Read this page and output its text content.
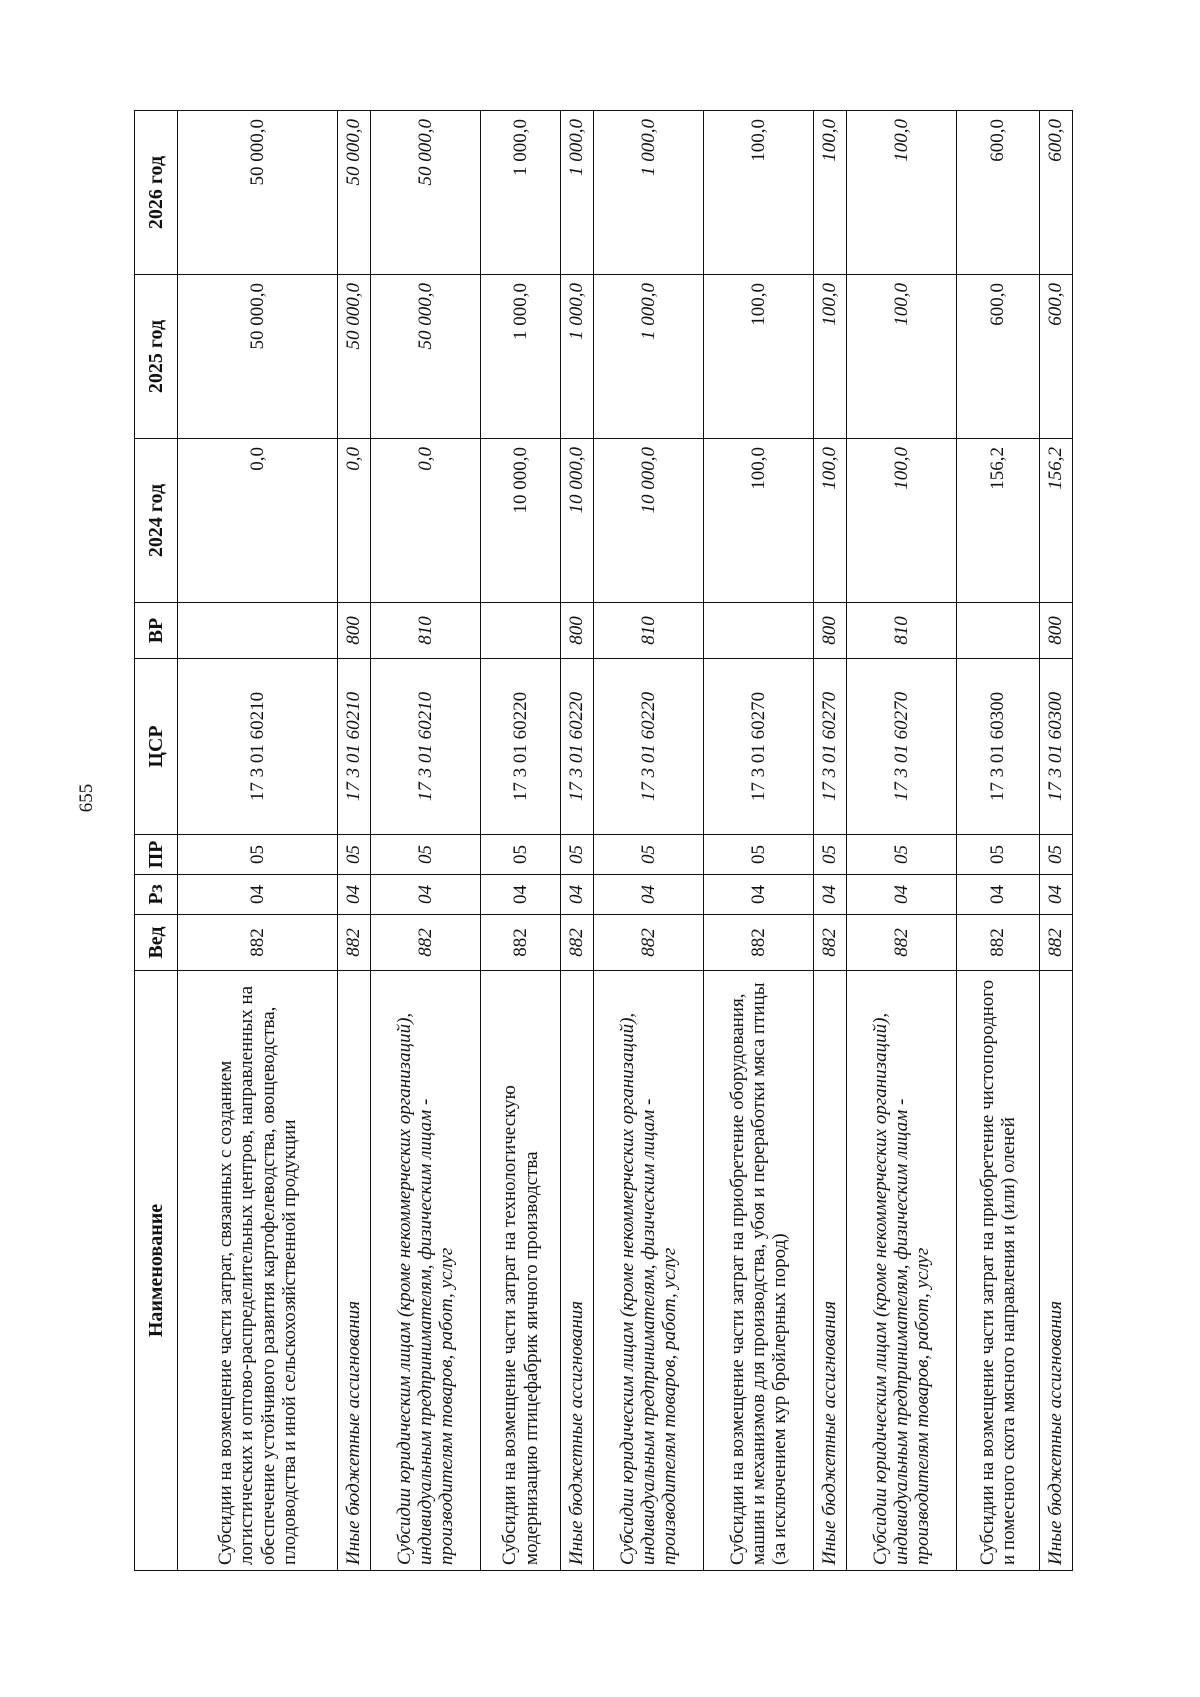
655
Наименование	Вед	Рз	ПР	ЦСР	ВР	2024 год	2025 год	2026 год
Субсидии на возмещение части затрат, связанных с созданием логистических и оптово-распределительных центров, направленных на обеспечение устойчивого развития картофелеводства, овощеводства, плодоводства и иной сельскохозяйственной продукции	882	04	05	17 3 01 60210		0,0	50 000,0	50 000,0
Иные бюджетные ассигнования	882	04	05	17 3 01 60210	800	0,0	50 000,0	50 000,0
Субсидии юридическим лицам (кроме некоммерческих организаций), индивидуальным предпринимателям, физическим лицам - производителям товаров, работ, услуг	882	04	05	17 3 01 60210	810	0,0	50 000,0	50 000,0
Субсидии на возмещение части затрат на технологическую модернизацию птицефабрик яичного производства	882	04	05	17 3 01 60220		10 000,0	1 000,0	1 000,0
Иные бюджетные ассигнования	882	04	05	17 3 01 60220	800	10 000,0	1 000,0	1 000,0
Субсидии юридическим лицам (кроме некоммерческих организаций), индивидуальным предпринимателям, физическим лицам - производителям товаров, работ, услуг	882	04	05	17 3 01 60220	810	10 000,0	1 000,0	1 000,0
Субсидии на возмещение части затрат на приобретение оборудования, машин и механизмов для производства, убоя и переработки мяса птицы (за исключением кур бройлерных пород)	882	04	05	17 3 01 60270		100,0	100,0	100,0
Иные бюджетные ассигнования	882	04	05	17 3 01 60270	800	100,0	100,0	100,0
Субсидии юридическим лицам (кроме некоммерческих организаций), индивидуальным предпринимателям, физическим лицам - производителям товаров, работ, услуг	882	04	05	17 3 01 60270	810	100,0	100,0	100,0
Субсидии на возмещение части затрат на приобретение чистопородного и помесного скота мясного направления и (или) оленей	882	04	05	17 3 01 60300		156,2	600,0	600,0
Иные бюджетные ассигнования	882	04	05	17 3 01 60300	800	156,2	600,0	600,0
